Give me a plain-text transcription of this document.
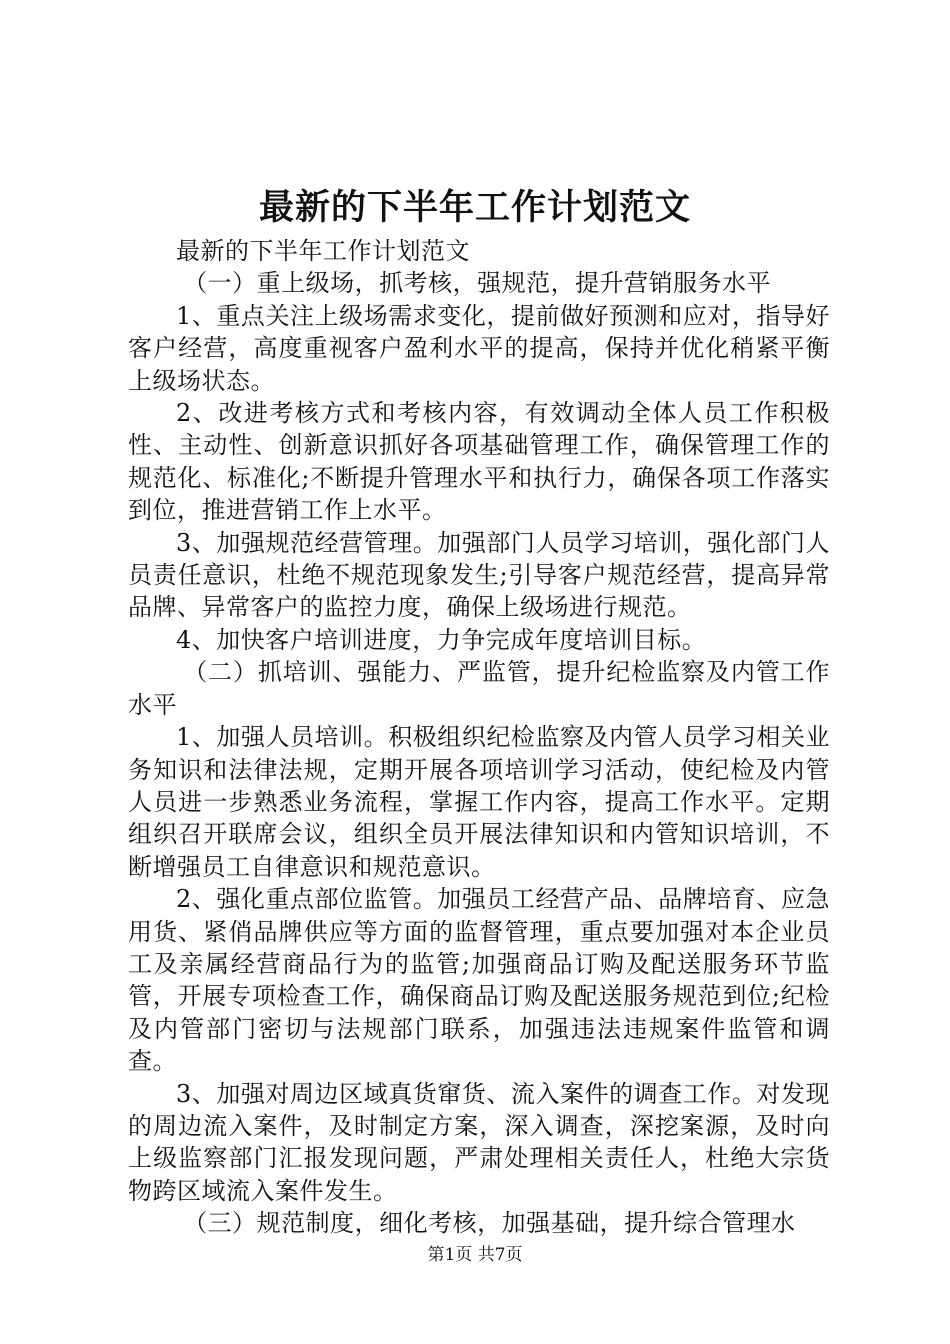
最新的下半年工作计划范文

最新的下半年工作计划范文

（一）重上级场，抓考核，强规范，提升营销服务水平

1、重点关注上级场需求变化，提前做好预测和应对，指导好客户经营，高度重视客户盈利水平的提高，保持并优化稍紧平衡上级场状态。

2、改进考核方式和考核内容，有效调动全体人员工作积极性、主动性、创新意识抓好各项基础管理工作，确保管理工作的规范化、标准化;不断提升管理水平和执行力，确保各项工作落实到位，推进营销工作上水平。

3、加强规范经营管理。加强部门人员学习培训，强化部门人员责任意识，杜绝不规范现象发生;引导客户规范经营，提高异常品牌、异常客户的监控力度，确保上级场进行规范。

4、加快客户培训进度，力争完成年度培训目标。

（二）抓培训、强能力、严监管，提升纪检监察及内管工作水平

1、加强人员培训。积极组织纪检监察及内管人员学习相关业务知识和法律法规，定期开展各项培训学习活动，使纪检及内管人员进一步熟悉业务流程，掌握工作内容，提高工作水平。定期组织召开联席会议，组织全员开展法律知识和内管知识培训，不断增强员工自律意识和规范意识。

2、强化重点部位监管。加强员工经营产品、品牌培育、应急用货、紧俏品牌供应等方面的监督管理，重点要加强对本企业员工及亲属经营商品行为的监管;加强商品订购及配送服务环节监管，开展专项检查工作，确保商品订购及配送服务规范到位;纪检及内管部门密切与法规部门联系，加强违法违规案件监管和调查。

3、加强对周边区域真货窜货、流入案件的调查工作。对发现的周边流入案件，及时制定方案，深入调查，深挖案源，及时向上级监察部门汇报发现问题，严肃处理相关责任人，杜绝大宗货物跨区域流入案件发生。

（三）规范制度，细化考核，加强基础，提升综合管理水

第1页 共7页
